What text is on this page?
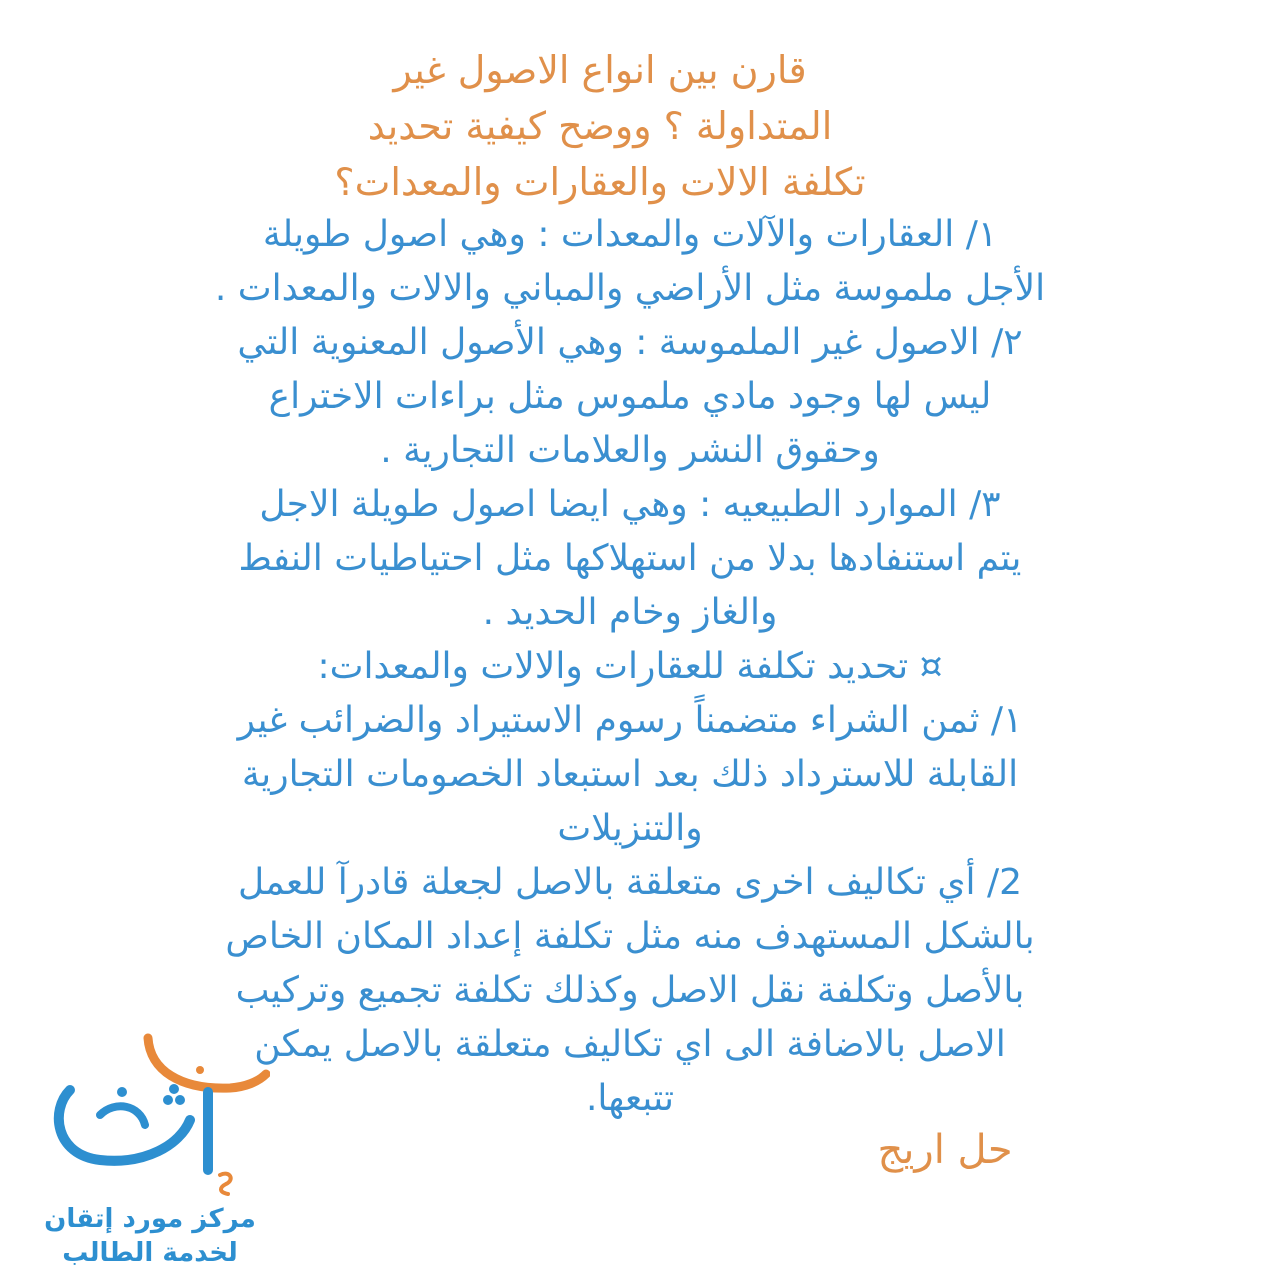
قارن بين انواع الاصول غير
المتداولة ؟ ووضح كيفية تحديد
تكلفة الالات والعقارات والمعدات؟
١/ العقارات والآلات والمعدات : وهي اصول طويلة
الأجل ملموسة مثل الأراضي والمباني والالات والمعدات .
٢/ الاصول غير الملموسة : وهي الأصول المعنوية التي
ليس لها وجود مادي ملموس مثل براءات الاختراع
وحقوق النشر والعلامات التجارية .
٣/ الموارد الطبيعيه : وهي ايضا اصول طويلة الاجل
يتم استنفادها بدلا من استهلاكها مثل احتياطيات النفط
والغاز وخام الحديد .
¤ تحديد تكلفة للعقارات والالات والمعدات:
١/ ثمن الشراء متضمناً رسوم الاستيراد والضرائب غير
القابلة للاسترداد ذلك بعد استبعاد الخصومات التجارية
والتنزيلات
2/ أي تكاليف اخرى متعلقة بالاصل لجعلة قادرآ للعمل
بالشكل المستهدف منه مثل تكلفة إعداد المكان الخاص
بالأصل وتكلفة نقل الاصل وكذلك تكلفة تجميع وتركيب
الاصل بالاضافة الى اي تكاليف متعلقة بالاصل يمكن
تتبعها.
حل اريج
مركز مورد إتقان
لخدمة الطالب
